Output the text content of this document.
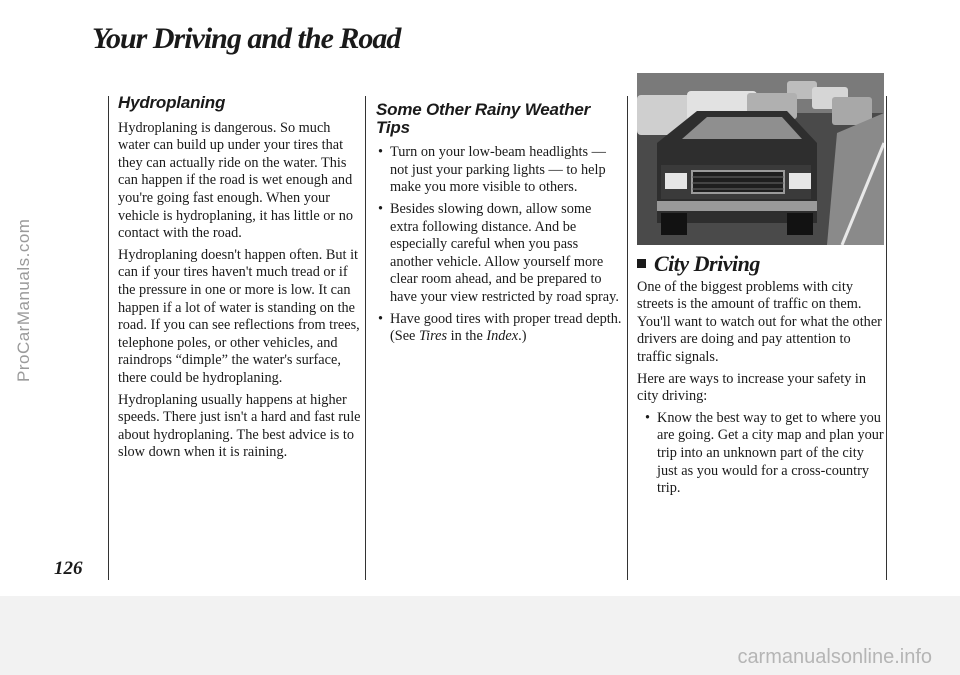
Your Driving and the Road
ProCarManuals.com
126
Hydroplaning

Hydroplaning is dangerous. So much water can build up under your tires that they can actually ride on the water. This can happen if the road is wet enough and you're going fast enough. When your vehicle is hydroplaning, it has little or no contact with the road.

Hydroplaning doesn't happen often. But it can if your tires haven't much tread or if the pressure in one or more is low. It can happen if a lot of water is standing on the road. If you can see reflections from trees, telephone poles, or other vehicles, and raindrops “dimple” the water's surface, there could be hydroplaning.

Hydroplaning usually happens at higher speeds. There just isn't a hard and fast rule about hydroplaning. The best advice is to slow down when it is raining.

Some Other Rainy Weather Tips
• Turn on your low-beam headlights — not just your parking lights — to help make you more visible to others.
• Besides slowing down, allow some extra following distance. And be especially careful when you pass another vehicle. Allow yourself more clear room ahead, and be prepared to have your view restricted by road spray.
• Have good tires with proper tread depth. (See Tires in the Index.)
City Driving

One of the biggest problems with city streets is the amount of traffic on them. You'll want to watch out for what the other drivers are doing and pay attention to traffic signals.

Here are ways to increase your safety in city driving:

• Know the best way to get to where you are going. Get a city map and plan your trip into an unknown part of the city just as you would for a cross-country trip.
carmanualsonline.info
